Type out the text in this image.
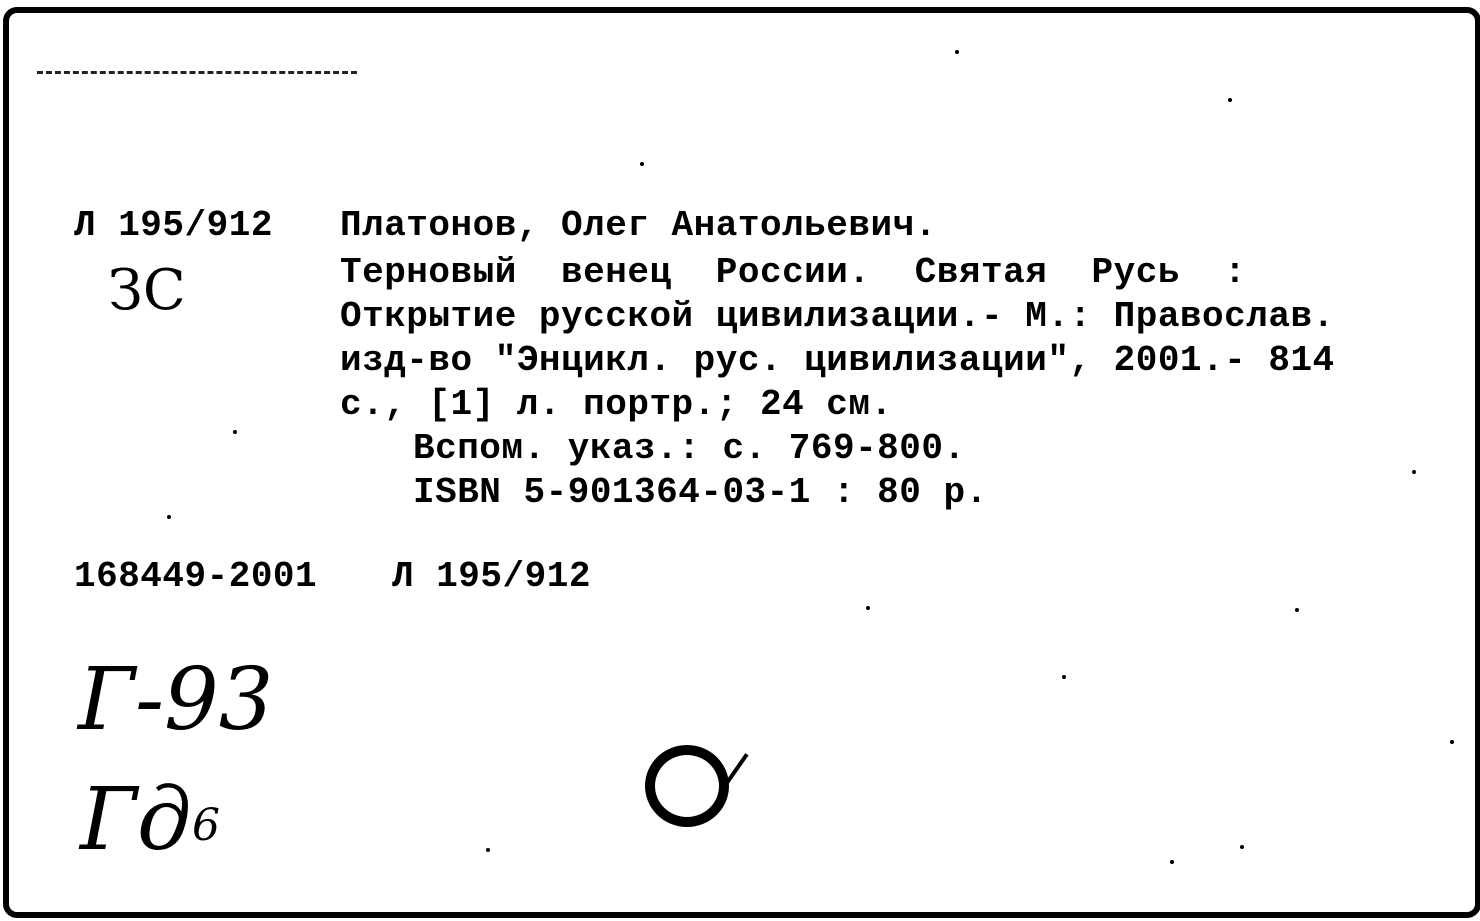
Л 195/912 Платонов, Олег Анатольевич.
ЗС	Терновый  венец  России.  Святая  Русь  :
Открытие русской цивилизации.- М.: Православ.
изд-во "Энцикл. рус. цивилизации", 2001.- 814
с., [1] л. портр.; 24 см.
Вспом. указ.: с. 769-800.
ISBN 5-901364-03-1 : 80 р.
168449-2001 Л 195/912
Г-93
Гд 6
